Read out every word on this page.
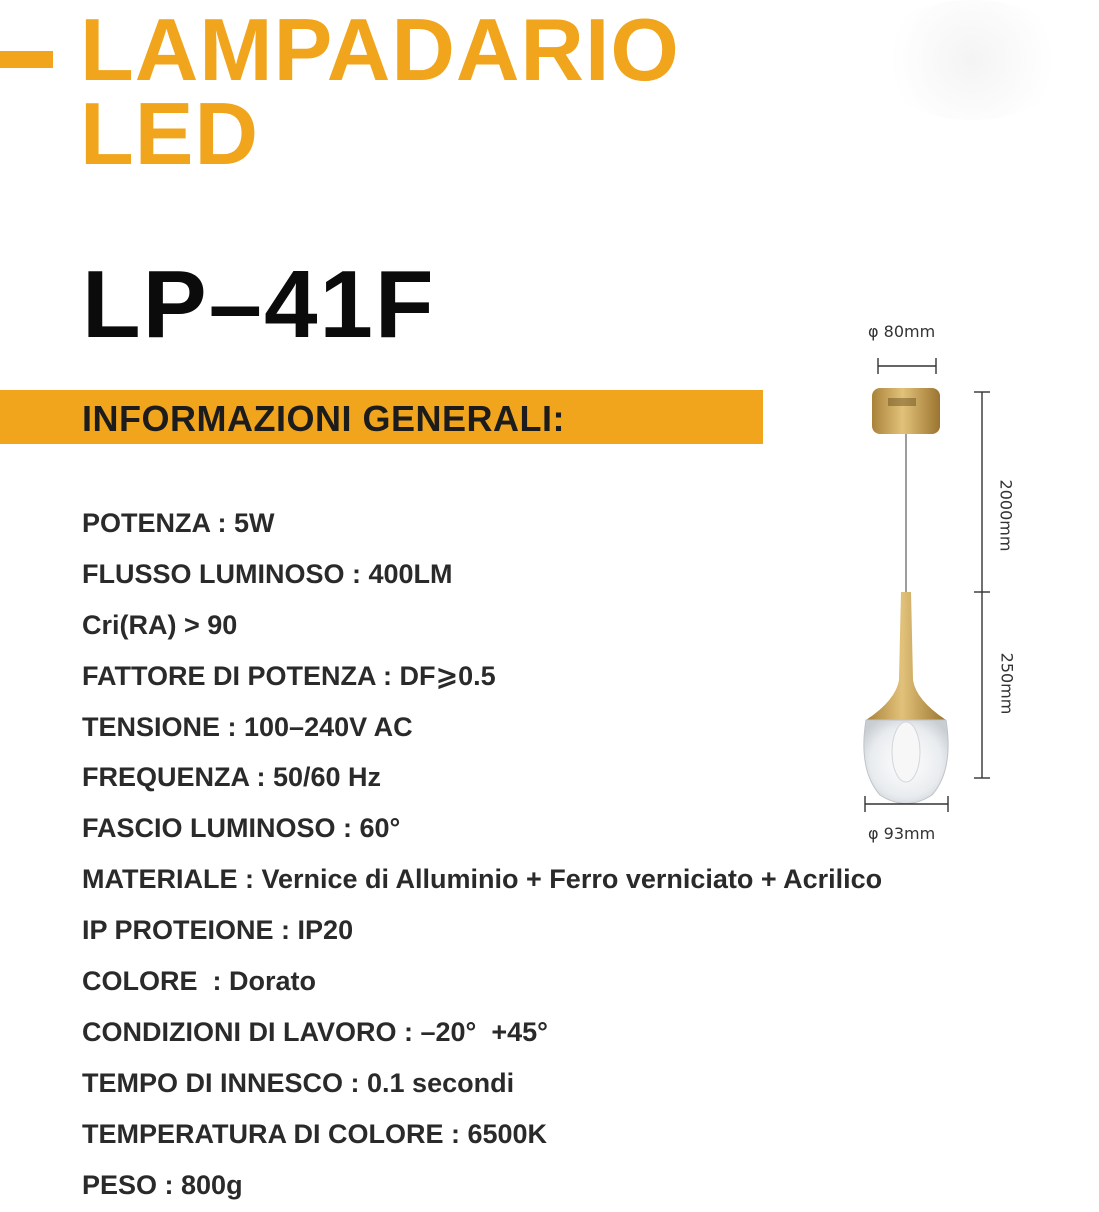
LAMPADARIO
LED
LP–41F
INFORMAZIONI GENERALI:
POTENZA : 5W
FLUSSO LUMINOSO : 400LM
Cri(RA) > 90
FATTORE DI POTENZA : DF⩾0.5
TENSIONE : 100–240V AC
FREQUENZA : 50/60 Hz
FASCIO LUMINOSO : 60°
MATERIALE : Vernice di Alluminio + Ferro verniciato + Acrilico
IP PROTEIONE : IP20
COLORE  : Dorato
CONDIZIONI DI LAVORO : –20°  +45°
TEMPO DI INNESCO : 0.1 secondi
TEMPERATURA DI COLORE : 6500K
PESO : 800g
φ 80mm
φ 93mm
2000mm
250mm
